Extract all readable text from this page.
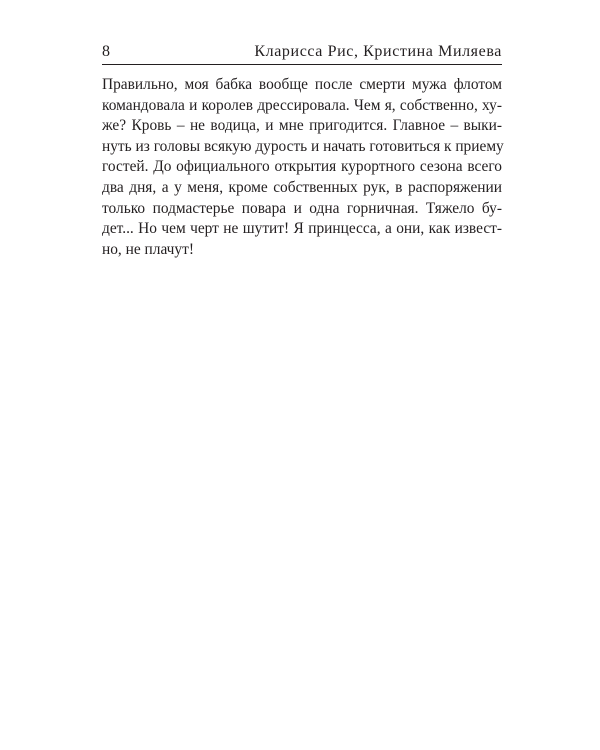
8	Кларисса Рис, Кристина Миляева
Правильно, моя бабка вообще после смерти мужа флотом
командовала и королев дрессировала. Чем я, собственно, ху-
же? Кровь – не водица, и мне пригодится. Главное – выки-
нуть из головы всякую дурость и начать готовиться к приему
гостей. До официального открытия курортного сезона всего
два дня, а у меня, кроме собственных рук, в распоряжении
только подмастерье повара и одна горничная. Тяжело бу-
дет... Но чем черт не шутит! Я принцесса, а они, как извест-
но, не плачут!
